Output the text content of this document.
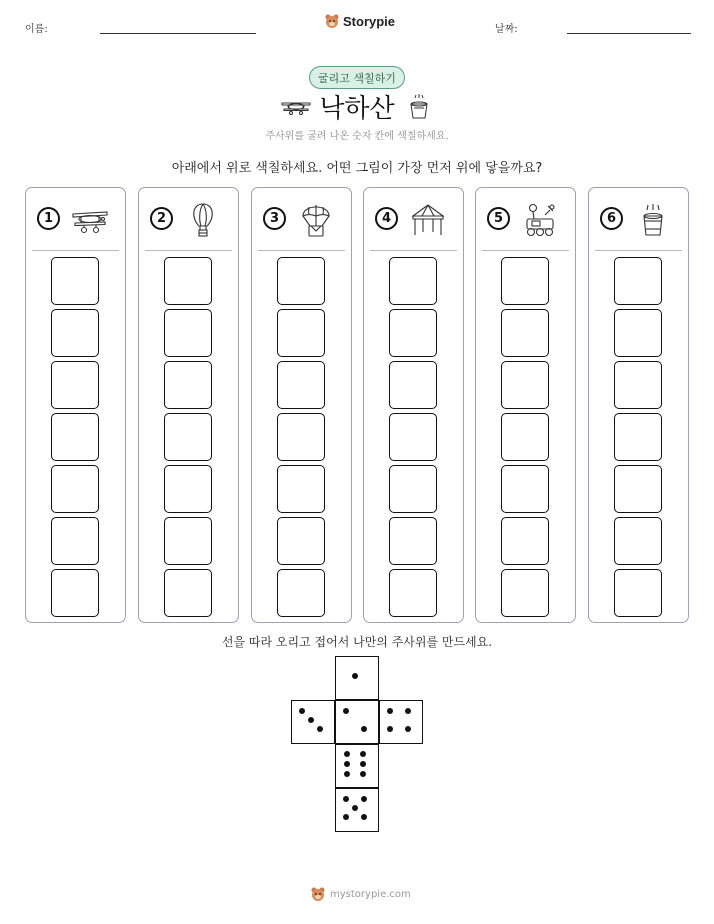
이름:
Storypie
날짜:
굴리고 색칠하기
낙하산
주사위를 굴려 나온 숫자 칸에 색칠하세요.
아래에서 위로 색칠하세요. 어떤 그림이 가장 먼저 위에 닿을까요?
1	2	3	4	5	6
선을 따라 오리고 접어서 나만의 주사위를 만드세요.
mystorypie.com
